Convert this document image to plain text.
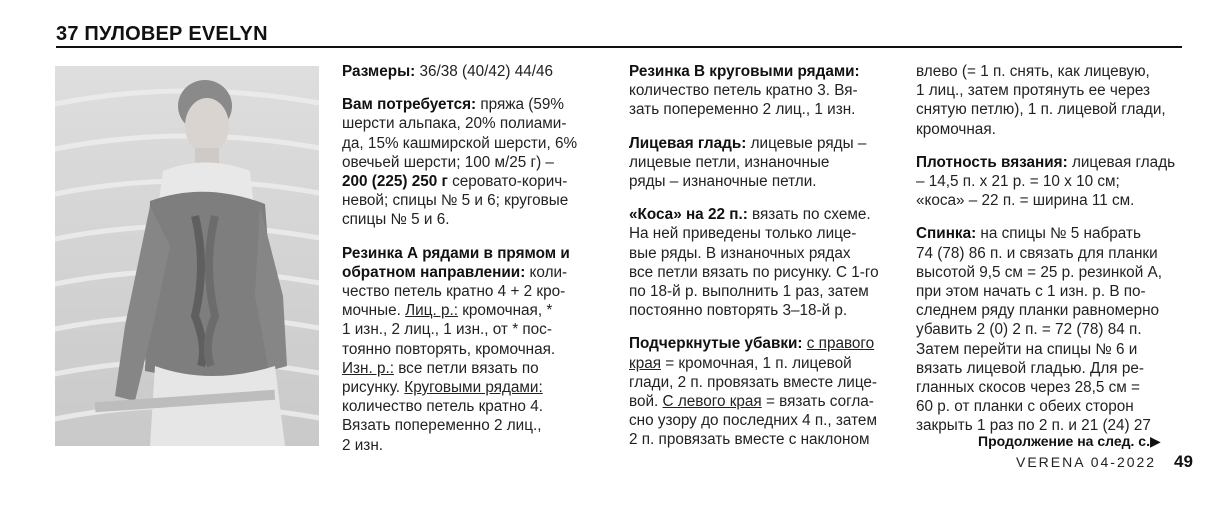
37 ПУЛОВЕР EVELYN

Размеры: 36/38 (40/42) 44/46

Вам потребуется: пряжа (59%
шерсти альпака, 20% полиами-
да, 15% кашмирской шерсти, 6%
овечьей шерсти; 100 м/25 г) –
200 (225) 250 г серовато-корич-
невой; спицы № 5 и 6; круговые
спицы № 5 и 6.

Резинка А рядами в прямом и
обратном направлении: коли-
чество петель кратно 4 + 2 кро-
мочные. Лиц. р.: кромочная, *
1 изн., 2 лиц., 1 изн., от * пос-
тоянно повторять, кромочная.
Изн. р.: все петли вязать по
рисунку. Круговыми рядами:
количество петель кратно 4.
Вязать попеременно 2 лиц.,
2 изн.

Резинка В круговыми рядами:
количество петель кратно 3. Вя-
зать попеременно 2 лиц., 1 изн.

Лицевая гладь: лицевые ряды –
лицевые петли, изнаночные
ряды – изнаночные петли.

«Коса» на 22 п.: вязать по схеме.
На ней приведены только лице-
вые ряды. В изнаночных рядах
все петли вязать по рисунку. С 1-го
по 18-й р. выполнить 1 раз, затем
постоянно повторять 3–18-й р.

Подчеркнутые убавки: с правого
края = кромочная, 1 п. лицевой
глади, 2 п. провязать вместе лице-
вой. С левого края = вязать согла-
сно узору до последних 4 п., затем
2 п. провязать вместе с наклоном

влево (= 1 п. снять, как лицевую,
1 лиц., затем протянуть ее через
снятую петлю), 1 п. лицевой глади,
кромочная.

Плотность вязания: лицевая гладь
– 14,5 п. х 21 р. = 10 х 10 см;
«коса» – 22 п. = ширина 11 см.

Спинка: на спицы № 5 набрать
74 (78) 86 п. и связать для планки
высотой 9,5 см = 25 р. резинкой А,
при этом начать с 1 изн. р. В по-
следнем ряду планки равномерно
убавить 2 (0) 2 п. = 72 (78) 84 п.
Затем перейти на спицы № 6 и
вязать лицевой гладью. Для ре-
гланных скосов через 28,5 см =
60 р. от планки с обеих сторон
закрыть 1 раз по 2 п. и 21 (24) 27

Продолжение на след. с.▶
VERENA 04-2022 49
